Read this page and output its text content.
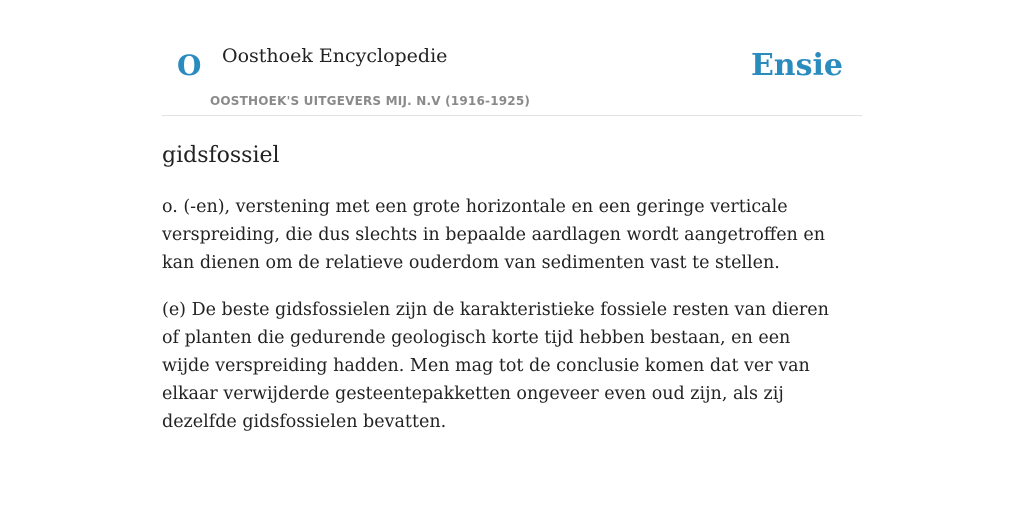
O Oosthoek Encyclopedie
OOSTHOEK'S UITGEVERS MIJ. N.V (1916-1925)
Ensie
gidsfossiel

o. (-en), verstening met een grote horizontale en een geringe verticale verspreiding, die dus slechts in bepaalde aardlagen wordt aangetroffen en kan dienen om de relatieve ouderdom van sedimenten vast te stellen.

(e) De beste gidsfossielen zijn de karakteristieke fossiele resten van dieren of planten die gedurende geologisch korte tijd hebben bestaan, en een wijde verspreiding hadden. Men mag tot de conclusie komen dat ver van elkaar verwijderde gesteentepakketten ongeveer even oud zijn, als zij dezelfde gidsfossielen bevatten.
